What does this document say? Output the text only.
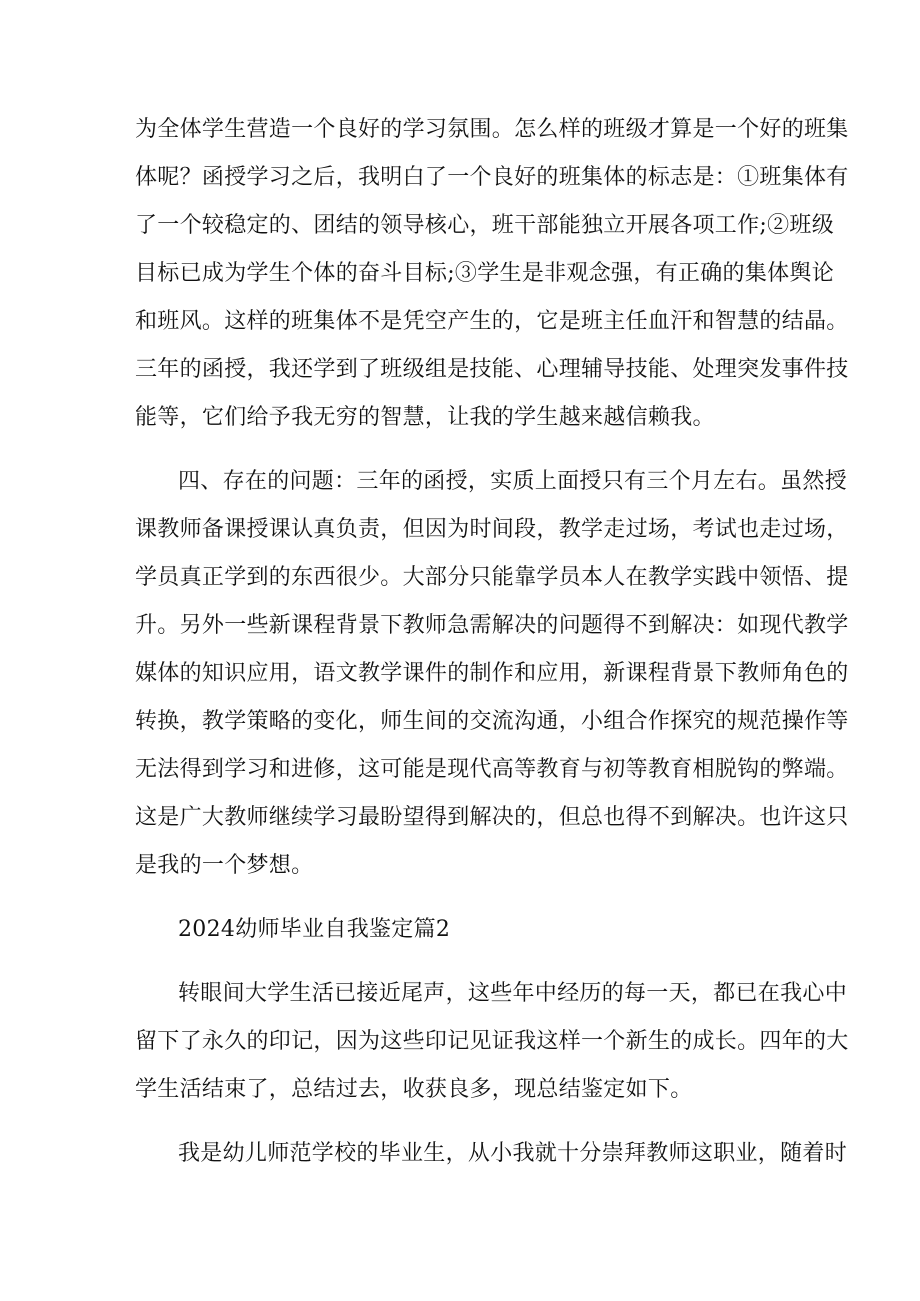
为全体学生营造一个良好的学习氛围。怎么样的班级才算是一个好的班集
体呢？函授学习之后，我明白了一个良好的班集体的标志是：①班集体有
了一个较稳定的、团结的领导核心，班干部能独立开展各项工作;②班级
目标已成为学生个体的奋斗目标;③学生是非观念强，有正确的集体舆论
和班风。这样的班集体不是凭空产生的，它是班主任血汗和智慧的结晶。
三年的函授，我还学到了班级组是技能、心理辅导技能、处理突发事件技
能等，它们给予我无穷的智慧，让我的学生越来越信赖我。
四、存在的问题：三年的函授，实质上面授只有三个月左右。虽然授
课教师备课授课认真负责，但因为时间段，教学走过场，考试也走过场，
学员真正学到的东西很少。大部分只能靠学员本人在教学实践中领悟、提
升。另外一些新课程背景下教师急需解决的问题得不到解决：如现代教学
媒体的知识应用，语文教学课件的制作和应用，新课程背景下教师角色的
转换，教学策略的变化，师生间的交流沟通，小组合作探究的规范操作等
无法得到学习和进修，这可能是现代高等教育与初等教育相脱钩的弊端。
这是广大教师继续学习最盼望得到解决的，但总也得不到解决。也许这只
是我的一个梦想。
2024幼师毕业自我鉴定篇2
转眼间大学生活已接近尾声，这些年中经历的每一天，都已在我心中
留下了永久的印记，因为这些印记见证我这样一个新生的成长。四年的大
学生活结束了，总结过去，收获良多，现总结鉴定如下。
我是幼儿师范学校的毕业生，从小我就十分崇拜教师这职业，随着时
